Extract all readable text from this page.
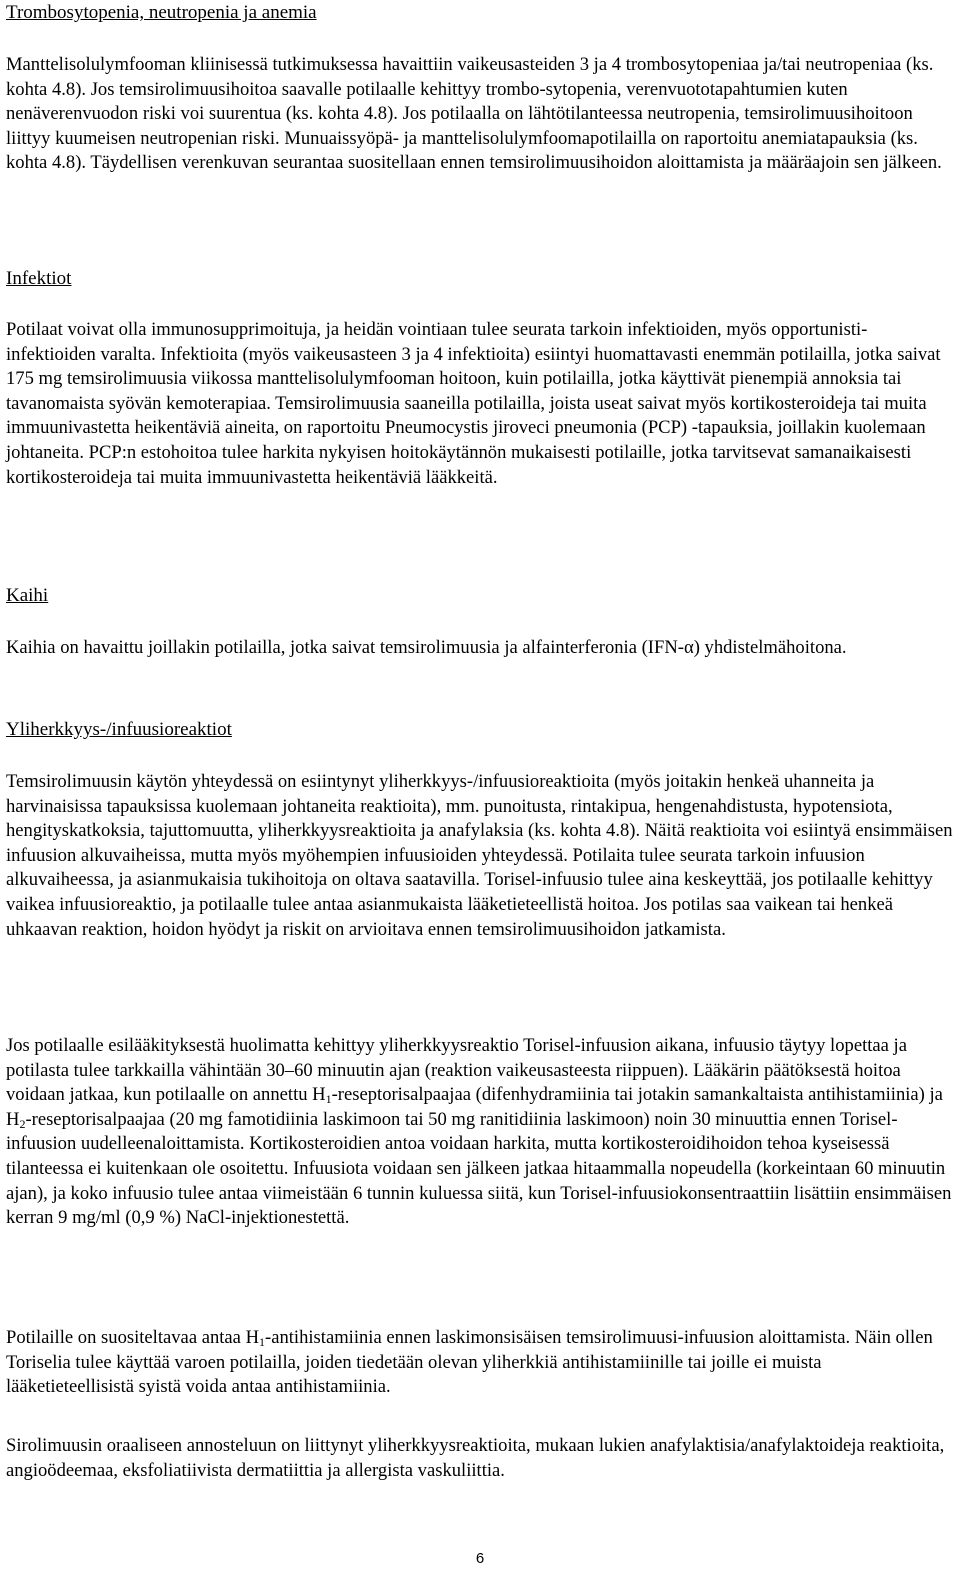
Trombosytopenia, neutropenia ja anemia

Manttelisolulymfooman kliinisessä tutkimuksessa havaittiin vaikeusasteiden 3 ja 4 trombosytopeniaa ja/tai neutropeniaa (ks. kohta 4.8). Jos temsirolimuusihoitoa saavalle potilaalle kehittyy trombo-sytopenia, verenvuototapahtumien kuten nenäverenvuodon riski voi suurentua (ks. kohta 4.8). Jos potilaalla on lähtötilanteessa neutropenia, temsirolimuusihoitoon liittyy kuumeisen neutropenian riski. Munuaissyöpä- ja manttelisolulymfoomapotilailla on raportoitu anemiatapauksia (ks. kohta 4.8). Täydellisen verenkuvan seurantaa suositellaan ennen temsirolimuusihoidon aloittamista ja määräajoin sen jälkeen.

Infektiot

Potilaat voivat olla immunosupprimoituja, ja heidän vointiaan tulee seurata tarkoin infektioiden, myös opportunisti-infektioiden varalta. Infektioita (myös vaikeusasteen 3 ja 4 infektioita) esiintyi huomattavasti enemmän potilailla, jotka saivat 175 mg temsirolimuusia viikossa manttelisolulymfooman hoitoon, kuin potilailla, jotka käyttivät pienempiä annoksia tai tavanomaista syövän kemoterapiaa. Temsirolimuusia saaneilla potilailla, joista useat saivat myös kortikosteroideja tai muita immuunivastetta heikentäviä aineita, on raportoitu Pneumocystis jiroveci pneumonia (PCP) -tapauksia, joillakin kuolemaan johtaneita. PCP:n estohoitoa tulee harkita nykyisen hoitokäytännön mukaisesti potilaille, jotka tarvitsevat samanaikaisesti kortikosteroideja tai muita immuunivastetta heikentäviä lääkkeitä.

Kaihi

Kaihia on havaittu joillakin potilailla, jotka saivat temsirolimuusia ja alfainterferonia (IFN-α) yhdistelmähoitona.

Yliherkkyys-/infuusioreaktiot

Temsirolimuusin käytön yhteydessä on esiintynyt yliherkkyys-/infuusioreaktioita (myös joitakin henkeä uhanneita ja harvinaisissa tapauksissa kuolemaan johtaneita reaktioita), mm. punoitusta, rintakipua, hengenahdistusta, hypotensiota, hengityskatkoksia, tajuttomuutta, yliherkkyysreaktioita ja anafylaksia (ks. kohta 4.8). Näitä reaktioita voi esiintyä ensimmäisen infuusion alkuvaiheissa, mutta myös myöhempien infuusioiden yhteydessä. Potilaita tulee seurata tarkoin infuusion alkuvaiheessa, ja asianmukaisia tukihoitoja on oltava saatavilla. Torisel-infuusio tulee aina keskeyttää, jos potilaalle kehittyy vaikea infuusioreaktio, ja potilaalle tulee antaa asianmukaista lääketieteellistä hoitoa. Jos potilas saa vaikean tai henkeä uhkaavan reaktion, hoidon hyödyt ja riskit on arvioitava ennen temsirolimuusihoidon jatkamista.

Jos potilaalle esilääkityksestä huolimatta kehittyy yliherkkyysreaktio Torisel-infuusion aikana, infuusio täytyy lopettaa ja potilasta tulee tarkkailla vähintään 30–60 minuutin ajan (reaktion vaikeusasteesta riippuen). Lääkärin päätöksestä hoitoa voidaan jatkaa, kun potilaalle on annettu $H_1$-reseptorisalpaajaa (difenhydramiinia tai jotakin samankaltaista antihistamiinia) ja $H_2$-reseptorisalpaajaa (20 mg famotidiinia laskimoon tai 50 mg ranitidiinia laskimoon) noin 30 minuuttia ennen Torisel-infuusion uudelleenaloittamista. Kortikosteroidien antoa voidaan harkita, mutta kortikosteroidihoidon tehoa kyseisessä tilanteessa ei kuitenkaan ole osoitettu. Infuusiota voidaan sen jälkeen jatkaa hitaammalla nopeudella (korkeintaan 60 minuutin ajan), ja koko infuusio tulee antaa viimeistään 6 tunnin kuluessa siitä, kun Torisel-infuusiokonsentraattiin lisättiin ensimmäisen kerran 9 mg/ml (0,9 %) NaCl-injektionestettä.

Potilaille on suositeltavaa antaa $H_1$-antihistamiinia ennen laskimonsisäisen temsirolimuusi-infuusion aloittamista. Näin ollen Toriselia tulee käyttää varoen potilailla, joiden tiedetään olevan yliherkkiä antihistamiinille tai joille ei muista lääketieteellisistä syistä voida antaa antihistamiinia.

Sirolimuusin oraaliseen annosteluun on liittynyt yliherkkyysreaktioita, mukaan lukien anafylaktisia/anafylaktoideja reaktioita, angioödeemaa, eksfoliatiivista dermatiittia ja allergista vaskuliittia.

6
